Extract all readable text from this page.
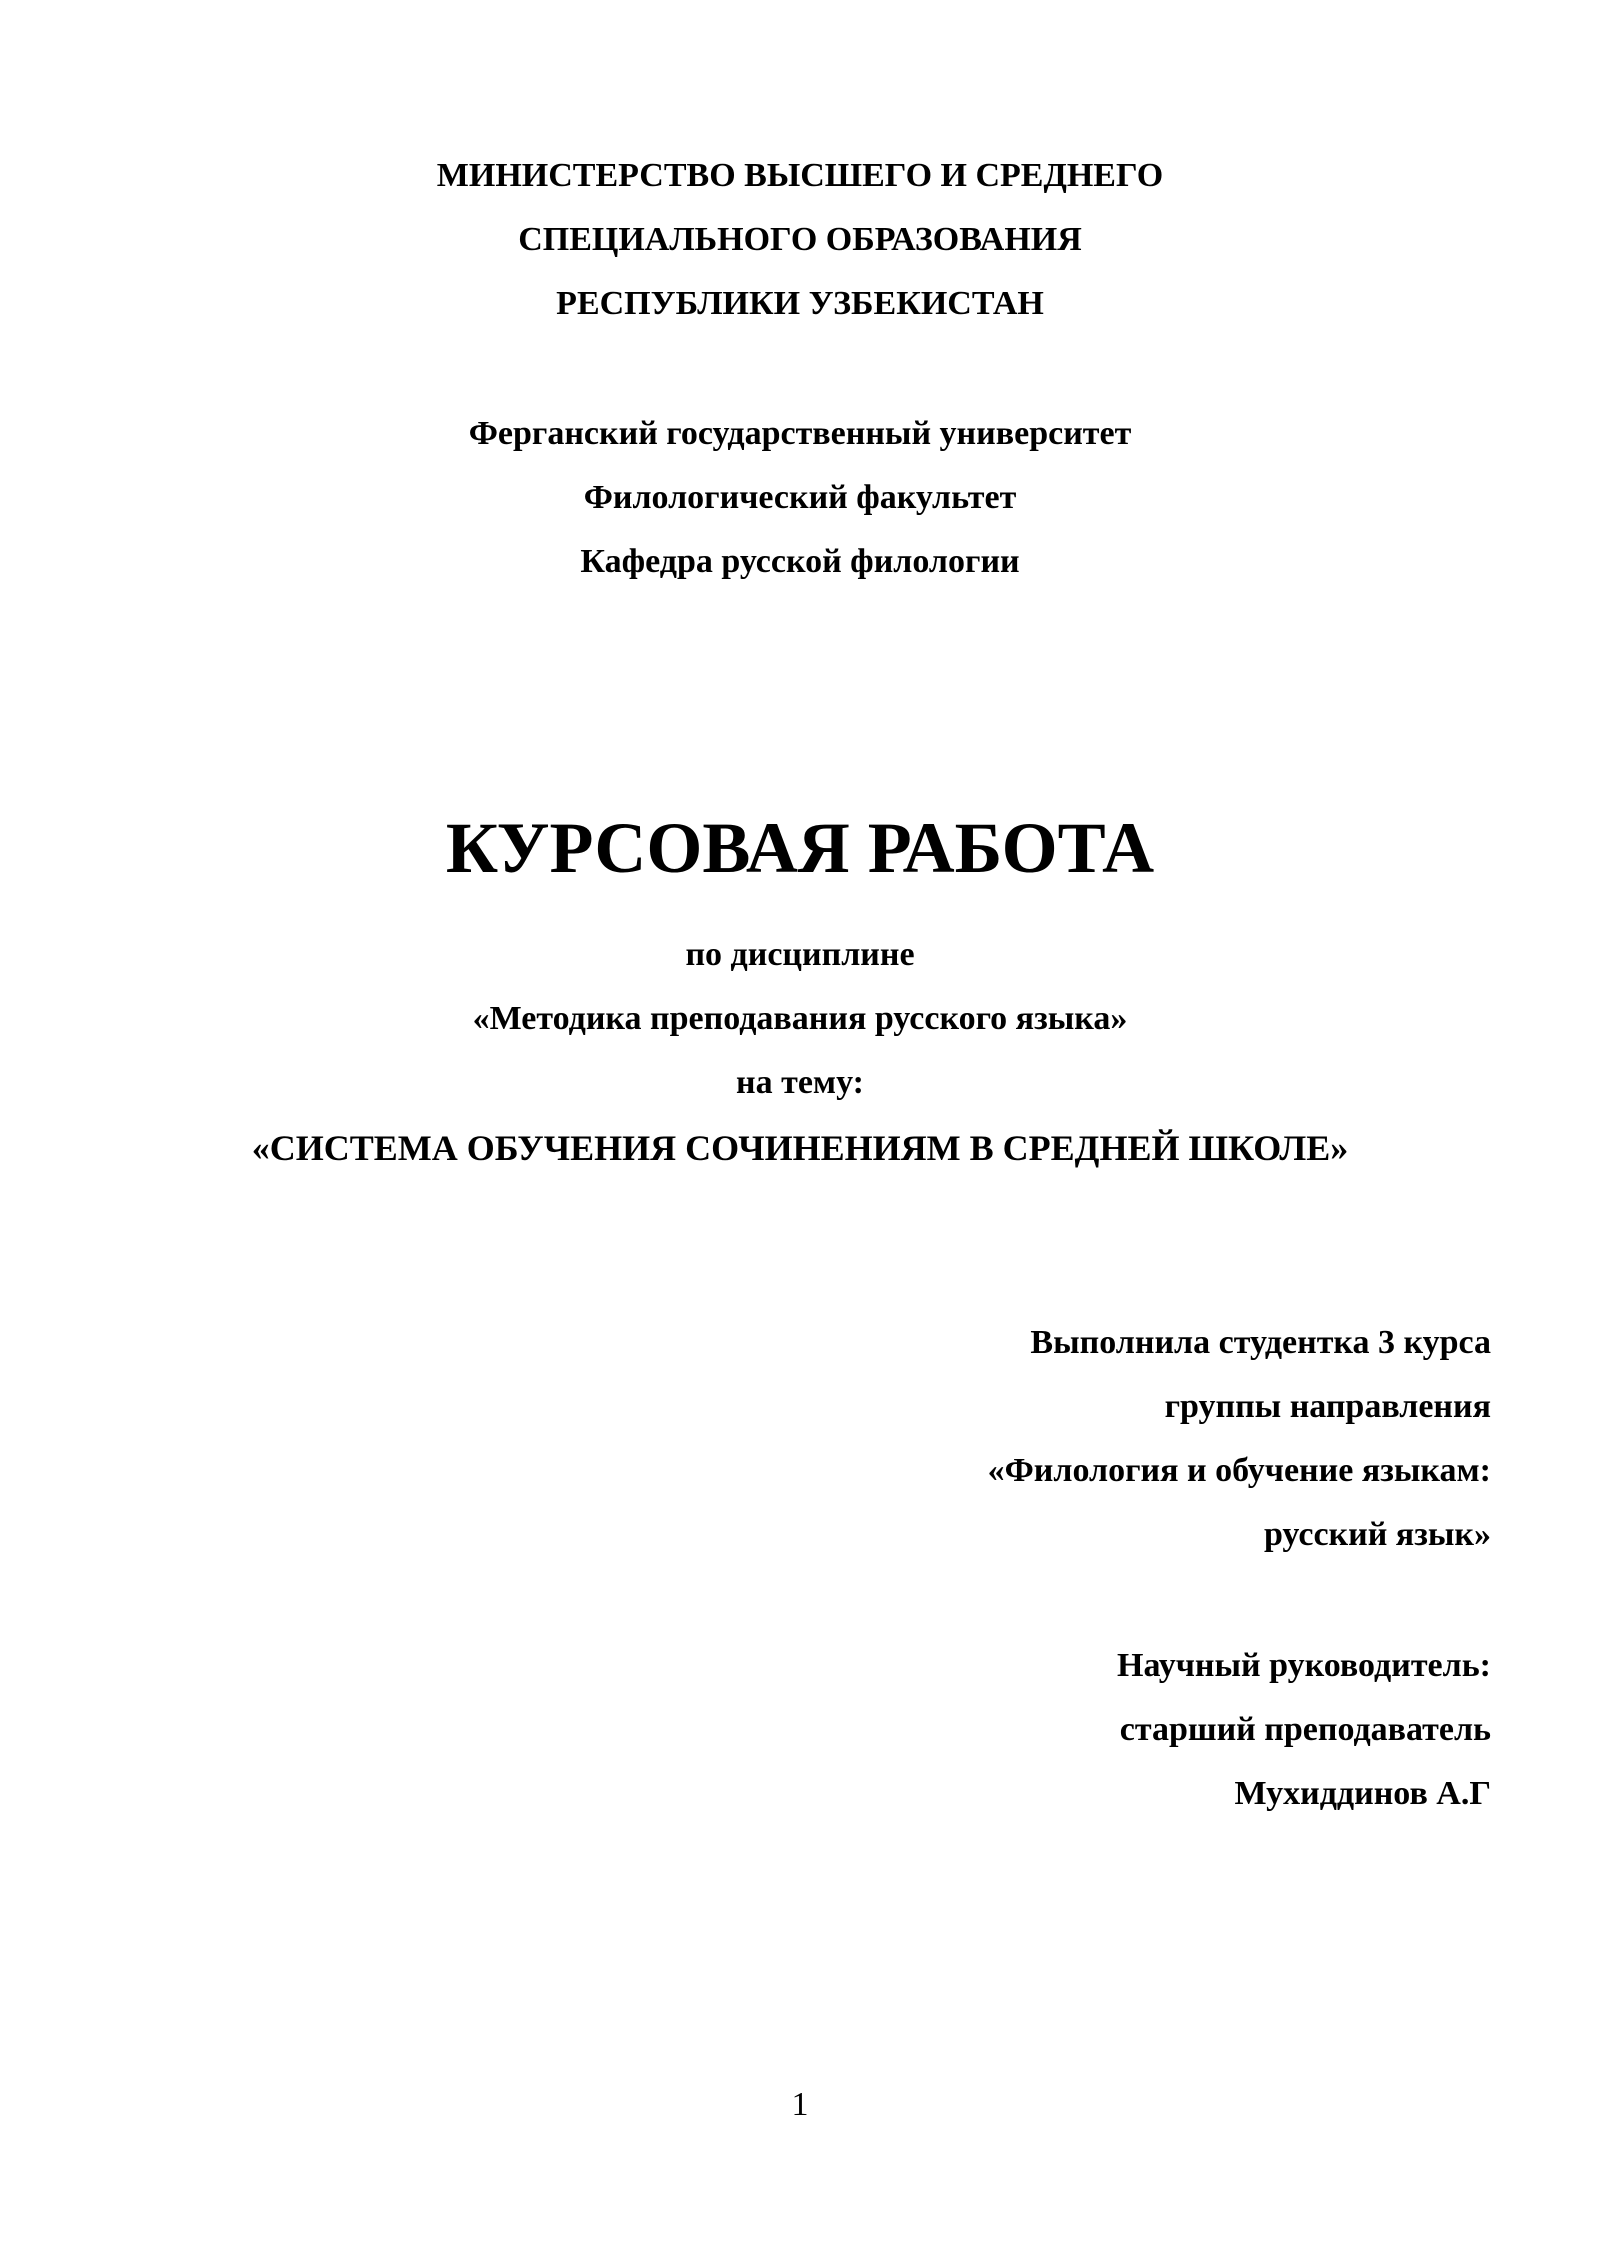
МИНИСТЕРСТВО ВЫСШЕГО И СРЕДНЕГО
СПЕЦИАЛЬНОГО ОБРАЗОВАНИЯ
РЕСПУБЛИКИ УЗБЕКИСТАН
Ферганский государственный университет
Филологический факультет
Кафедра русской филологии
КУРСОВАЯ РАБОТА
по дисциплине
«Методика преподавания русского языка»
на тему:
«СИСТЕМА ОБУЧЕНИЯ СОЧИНЕНИЯМ В СРЕДНЕЙ ШКОЛЕ»
Выполнила студентка 3 курса
группы направления
«Филология и обучение языкам:
русский язык»
Научный руководитель:
старший преподаватель
Мухиддинов А.Г
1
